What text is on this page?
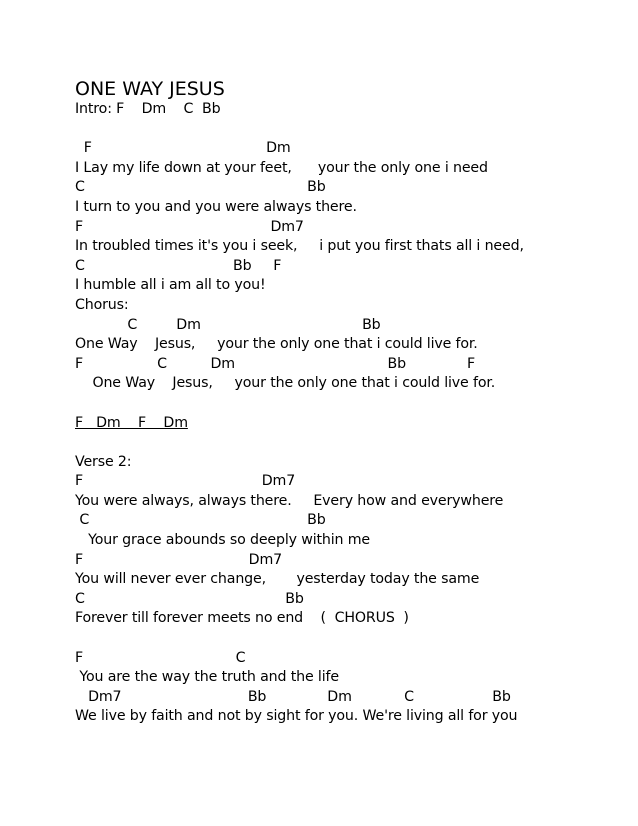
ONE WAY JESUS
Intro: F    Dm    C  Bb
F                                        Dm
I Lay my life down at your feet,      your the only one i need
C                                                   Bb
I turn to you and you were always there.
F                                           Dm7
In troubled times it's you i seek,     i put you first thats all i need,
C                                  Bb     F
I humble all i am all to you!
Chorus:
C         Dm                                     Bb
One Way    Jesus,     your the only one that i could live for.
F                 C          Dm                                   Bb              F
One Way    Jesus,     your the only one that i could live for.
F   Dm    F    Dm
Verse 2:
F                                         Dm7
You were always, always there.     Every how and everywhere
C                                                  Bb
Your grace abounds so deeply within me
F                                      Dm7
You will never ever change,       yesterday today the same
C                                              Bb
Forever till forever meets no end    (  CHORUS  )
F                                   C
You are the way the truth and the life
Dm7                             Bb              Dm            C                  Bb
We live by faith and not by sight for you. We're living all for you
